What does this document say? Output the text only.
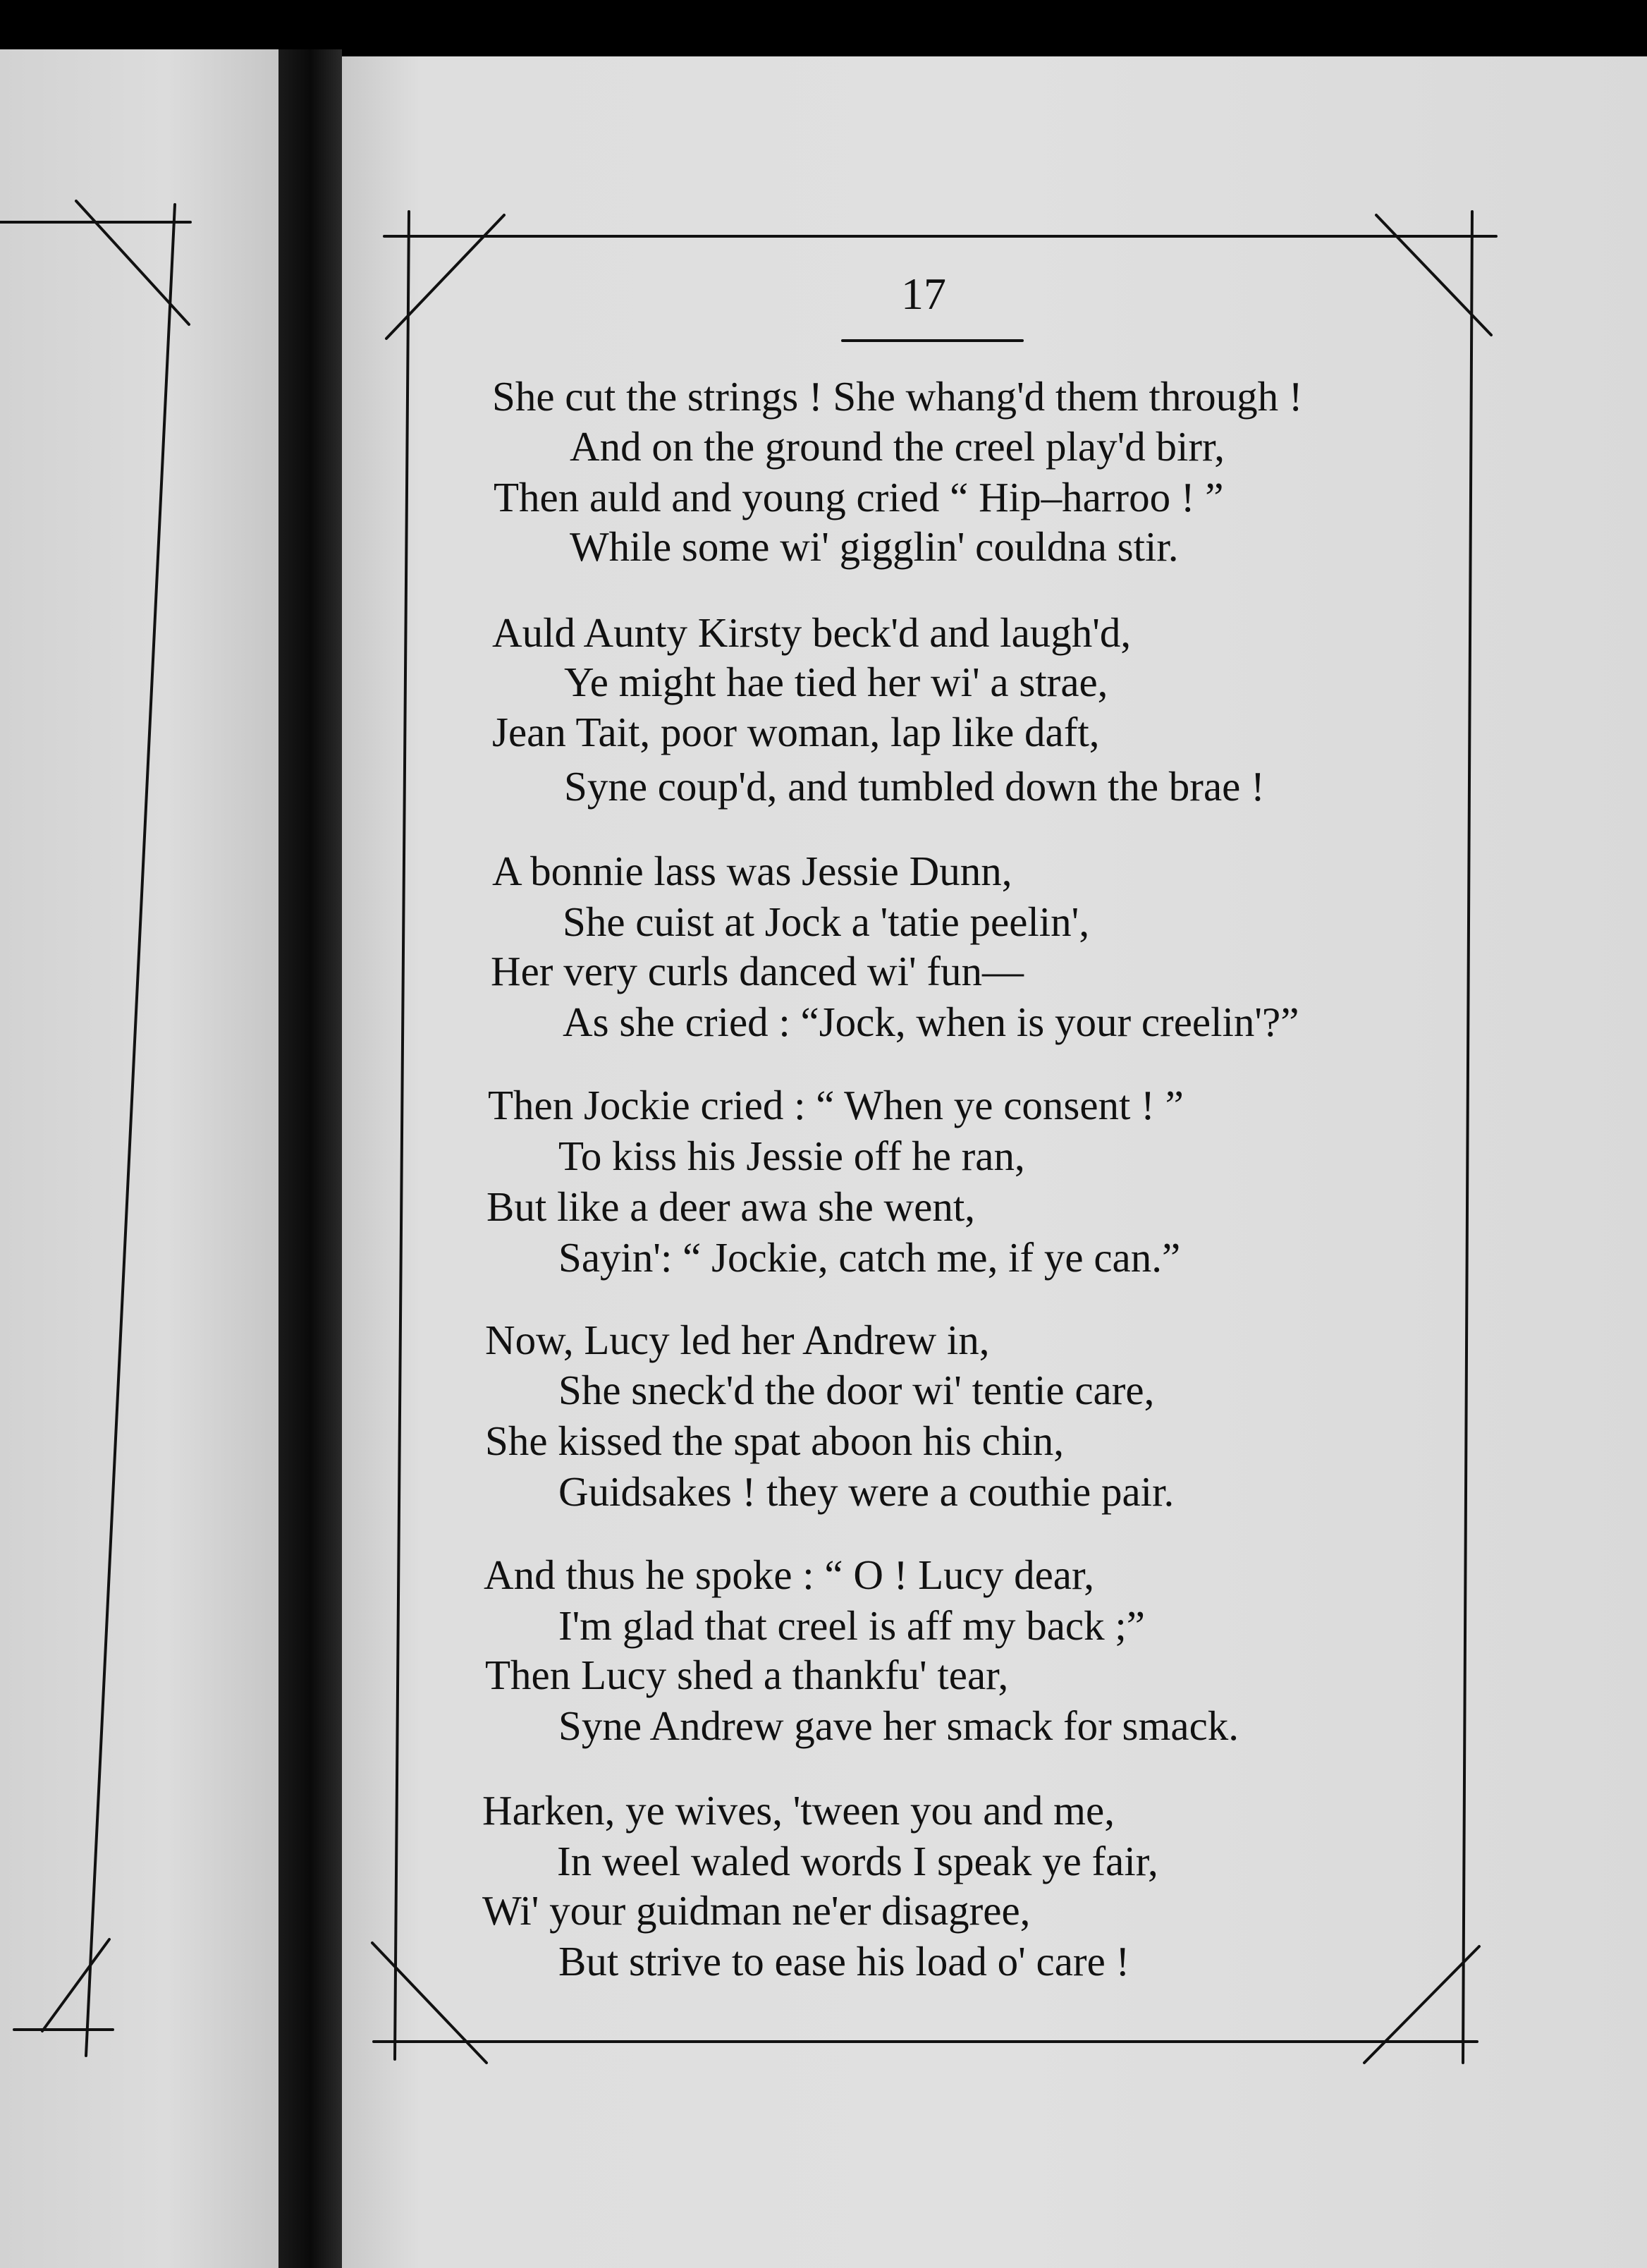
17

She cut the strings ! She whang'd them through !

And on the ground the creel play'd birr,

Then auld and young cried “ Hip–harroo ! ”

While some wi' gigglin' couldna stir.

Auld Aunty Kirsty beck'd and laugh'd,

Ye might hae tied her wi' a strae,

Jean Tait, poor woman, lap like daft,

Syne coup'd, and tumbled down the brae !

A bonnie lass was Jessie Dunn,

She cuist at Jock a 'tatie peelin',

Her very curls danced wi' fun—

As she cried : “Jock, when is your creelin'?”

Then Jockie cried : “ When ye consent ! ”

To kiss his Jessie off he ran,

But like a deer awa she went,

Sayin': “ Jockie, catch me, if ye can.”

Now, Lucy led her Andrew in,

She sneck'd the door wi' tentie care,

She kissed the spat aboon his chin,

Guidsakes ! they were a couthie pair.

And thus he spoke : “ O ! Lucy dear,

I'm glad that creel is aff my back ;”

Then Lucy shed a thankfu' tear,

Syne Andrew gave her smack for smack.

Harken, ye wives, 'tween you and me,

In weel waled words I speak ye fair,

Wi' your guidman ne'er disagree,

But strive to ease his load o' care !
